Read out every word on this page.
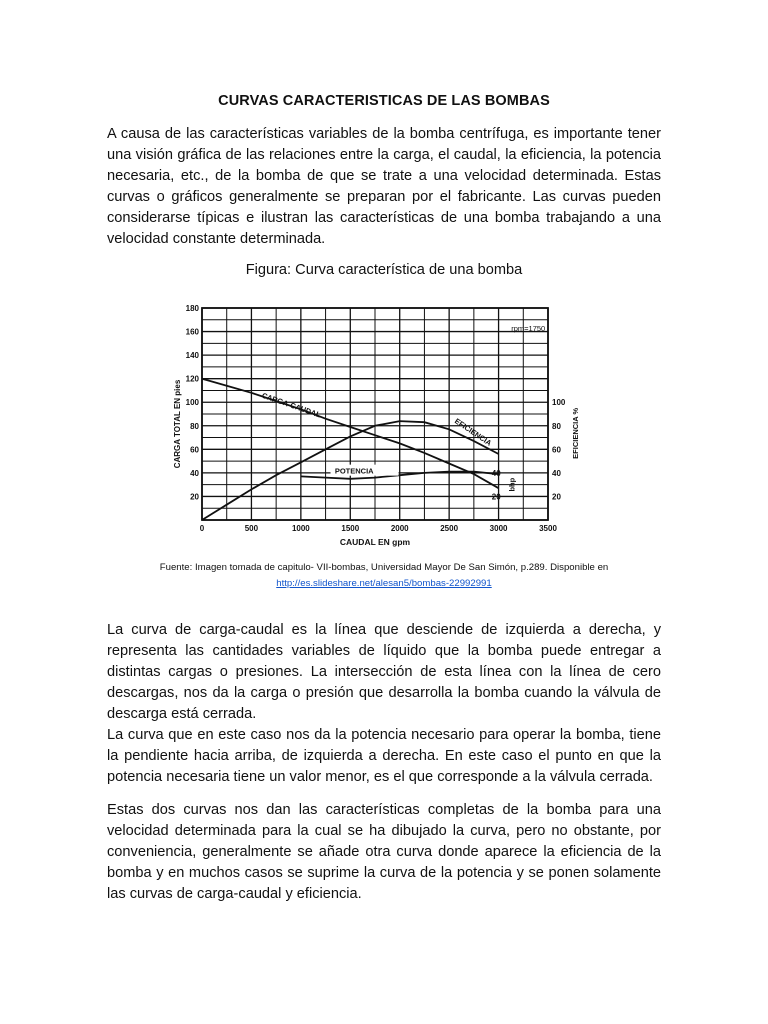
CURVAS CARACTERISTICAS DE LAS BOMBAS

A causa de las características variables de la bomba centrífuga, es importante tener una visión gráfica de las relaciones entre la carga, el caudal, la eficiencia, la potencia necesaria, etc., de la bomba de que se trate a una velocidad determinada. Estas curvas o gráficos generalmente se preparan por el fabricante. Las curvas pueden considerarse típicas e ilustran las características de una bomba trabajando a una velocidad constante determinada.

Figura: Curva característica de una bomba
0	500	1000	1500	2000	2500	3000	3500
20
40
60
80
100
120
140
160
180
20
40
60
80
100
20
40
CAUDAL EN gpm
CARGA TOTAL EN pies	EFICIENCIA %
bhp
rpm=1750
CARGA-CAUDAL
EFICIENCIA
POTENCIA
Fuente: Imagen tomada de capitulo- VII-bombas, Universidad Mayor De San Simón, p.289. Disponible en
http://es.slideshare.net/alesan5/bombas-22992991

La curva de carga-caudal es la línea que desciende de izquierda a derecha, y representa las cantidades variables de líquido que la bomba puede entregar a distintas cargas o presiones. La intersección de esta línea con la línea de cero descargas, nos da la carga o presión que desarrolla la bomba cuando la válvula de descarga está cerrada.

La curva que en este caso nos da la potencia necesario para operar la bomba, tiene la pendiente hacia arriba, de izquierda a derecha. En este caso el punto en que la potencia necesaria tiene un valor menor, es el que corresponde a la válvula cerrada.

Estas dos curvas nos dan las características completas de la bomba para una velocidad determinada para la cual se ha dibujado la curva, pero no obstante, por conveniencia, generalmente se añade otra curva donde aparece la eficiencia de la bomba y en muchos casos se suprime la curva de la potencia y se ponen solamente las curvas de carga-caudal y eficiencia.
